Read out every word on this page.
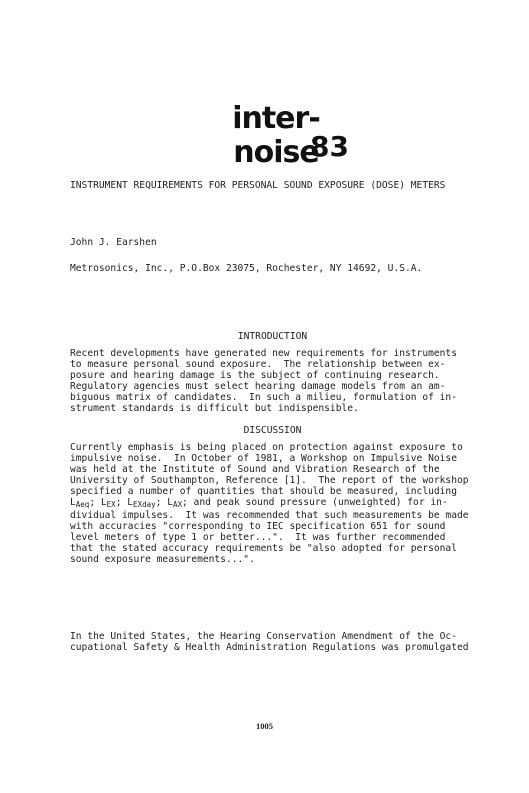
inter-noise
83
INSTRUMENT REQUIREMENTS FOR PERSONAL SOUND EXPOSURE (DOSE) METERS
John J. Earshen
Metrosonics, Inc., P.O.Box 23075, Rochester, NY 14692, U.S.A.
INTRODUCTION
Recent developments have generated new requirements for instruments
to measure personal sound exposure.  The relationship between ex-
posure and hearing damage is the subject of continuing research.
Regulatory agencies must select hearing damage models from an am-
biguous matrix of candidates.  In such a milieu, formulation of in-
strument standards is difficult but indispensible.
DISCUSSION
Currently emphasis is being placed on protection against exposure to
impulsive noise.  In October of 1981, a Workshop on Impulsive Noise
was held at the Institute of Sound and Vibration Research of the
University of Southampton, Reference [1].  The report of the workshop
specified a number of quantities that should be measured, including
$L_{Aeq}$; $L_{EX}$; $L_{EXday}$; $L_{AX}$; and peak sound pressure (unweighted) for in-
dividual impulses.  It was recommended that such measurements be made
with accuracies "corresponding to IEC specification 651 for sound
level meters of type 1 or better...".  It was further recommended
that the stated accuracy requirements be "also adopted for personal
sound exposure measurements...".
In the United States, the Hearing Conservation Amendment of the Oc-
cupational Safety & Health Administration Regulations was promulgated
1005
